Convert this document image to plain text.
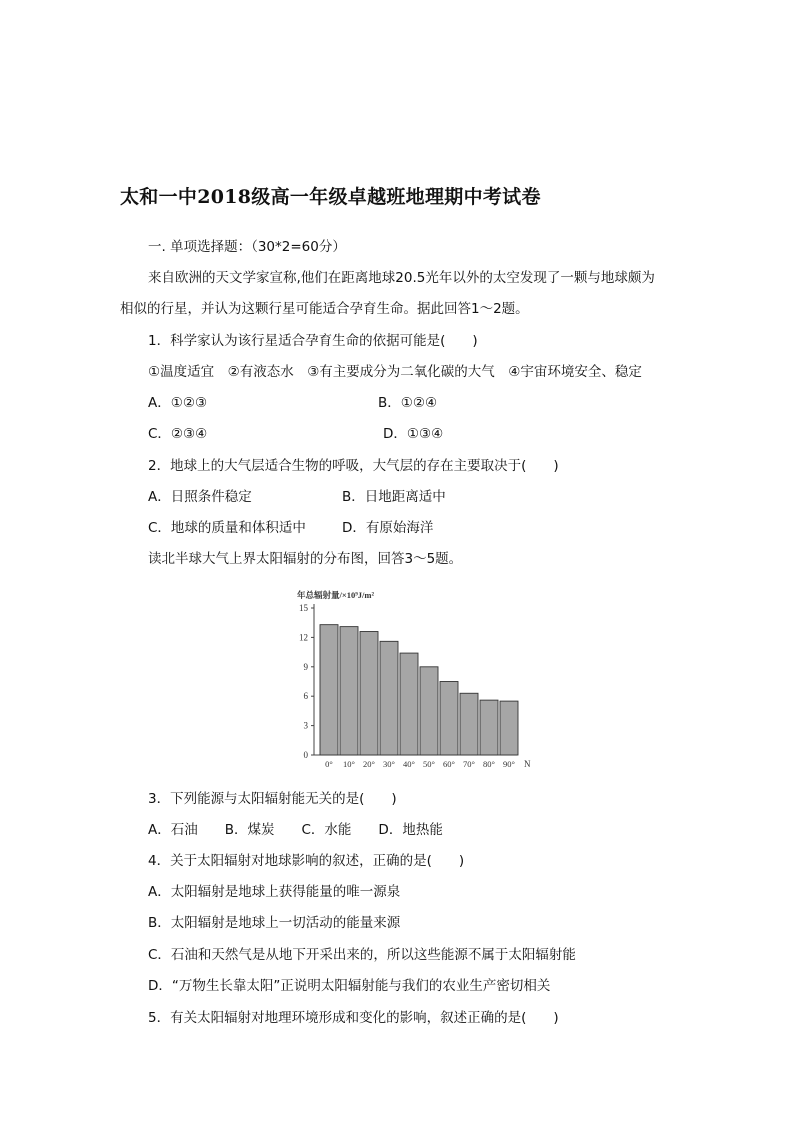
太和一中2018级高一年级卓越班地理期中考试卷
一. 单项选择题：（30*2=60分）
来自欧洲的天文学家宣称,他们在距离地球20.5光年以外的太空发现了一颗与地球颇为
相似的行星，并认为这颗行星可能适合孕育生命。据此回答1～2题。
1．科学家认为该行星适合孕育生命的依据可能是(　　)
①温度适宜　②有液态水　③有主要成分为二氧化碳的大气　④宇宙环境安全、稳定
A．①②③	B．①②④
C．②③④	D．①③④
2．地球上的大气层适合生物的呼吸，大气层的存在主要取决于(　　)
A．日照条件稳定	B．日地距离适中
C．地球的质量和体积适中	D．有原始海洋
读北半球大气上界太阳辐射的分布图，回答3～5题。
0
3
6
9
12
15
0° 10° 20° 30° 40° 50° 60° 70° 80° 90° N
年总辐射量/×10⁹J/m²
3．下列能源与太阳辐射能无关的是(　　)
A．石油　　B．煤炭　　C．水能　　D．地热能
4．关于太阳辐射对地球影响的叙述，正确的是(　　)
A．太阳辐射是地球上获得能量的唯一源泉
B．太阳辐射是地球上一切活动的能量来源
C．石油和天然气是从地下开采出来的，所以这些能源不属于太阳辐射能
D．“万物生长靠太阳”正说明太阳辐射能与我们的农业生产密切相关
5．有关太阳辐射对地理环境形成和变化的影响，叙述正确的是(　　)
